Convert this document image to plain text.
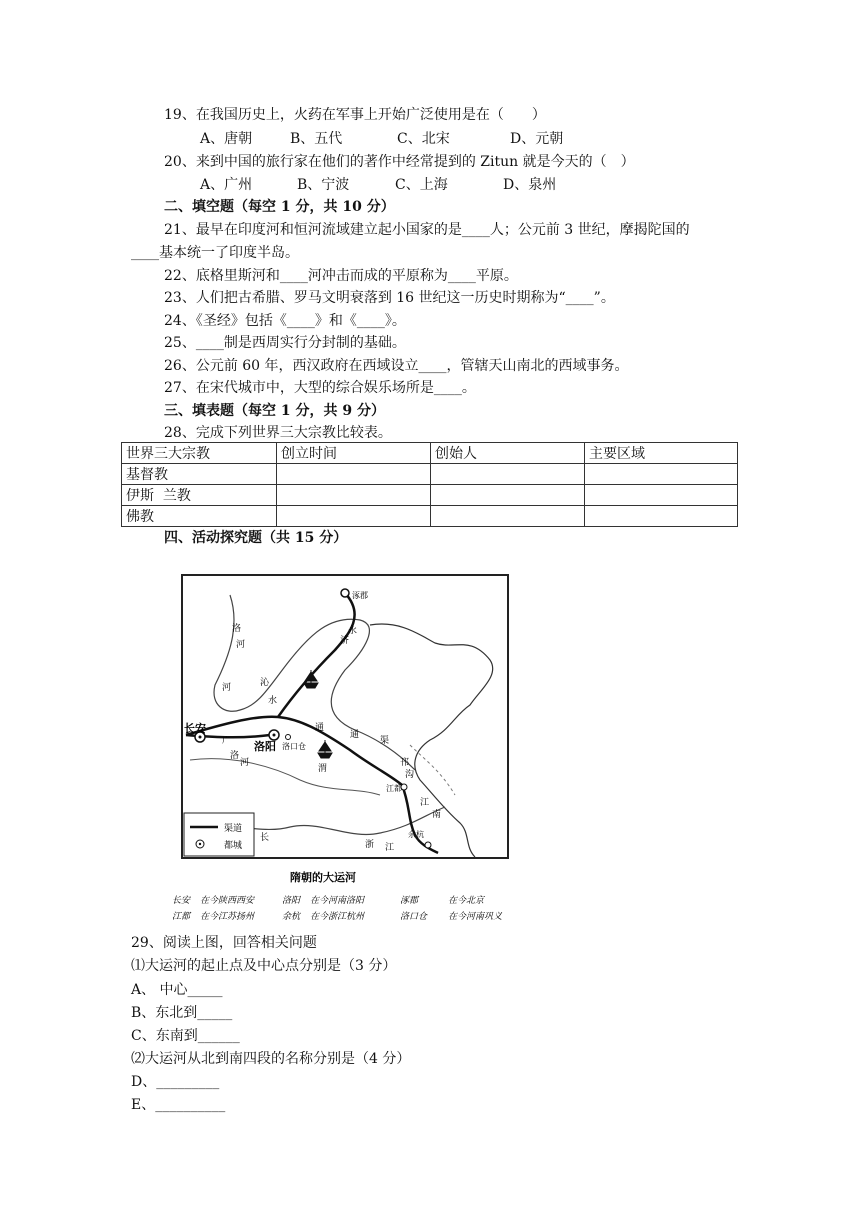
19、在我国历史上，火药在军事上开始广泛使用是在（　　）
A、唐朝	B、五代	C、北宋	D、元朝
20、来到中国的旅行家在他们的著作中经常提到的 Zitun 就是今天的（　）
A、广州	B、宁波	C、上海	D、泉州
二、填空题（每空 1 分，共 10 分）
21、最早在印度河和恒河流域建立起小国家的是____人；公元前 3 世纪，摩揭陀国的
____基本统一了印度半岛。
22、底格里斯河和____河冲击而成的平原称为____平原。
23、人们把古希腊、罗马文明衰落到 16 世纪这一历史时期称为“____”。
24、《圣经》包括《____》和《____》。
25、____制是西周实行分封制的基础。
26、公元前 60 年，西汉政府在西域设立____，管辖天山南北的西域事务。
27、在宋代城市中，大型的综合娱乐场所是____。
三、填表题（每空 1 分，共 9 分）
28、完成下列世界三大宗教比较表。
世界三大宗教	创立时间	创始人	主要区域
基督教			
伊斯  兰教			
佛教			
四、活动探究题（共 15 分）
渠道
都城
涿郡
长安
洛阳 洛口仓
江都
余杭
河
河	沁
水
永
济
渠
通
通
洛
河
广
渭
长
江
邗
沟
江
南
浙
洛
隋朝的大运河
长安 在今陕西西安	洛阳 在今河南洛阳	涿郡	在今北京
江都 在今江苏扬州	余杭 在今浙江杭州	洛口仓 在今河南巩义
29、阅读上图，回答相关问题
⑴大运河的起止点及中心点分别是（3 分）
A、 中心_____
B、东北到_____
C、东南到______
⑵大运河从北到南四段的名称分别是（4 分）
D、_________
E、__________
